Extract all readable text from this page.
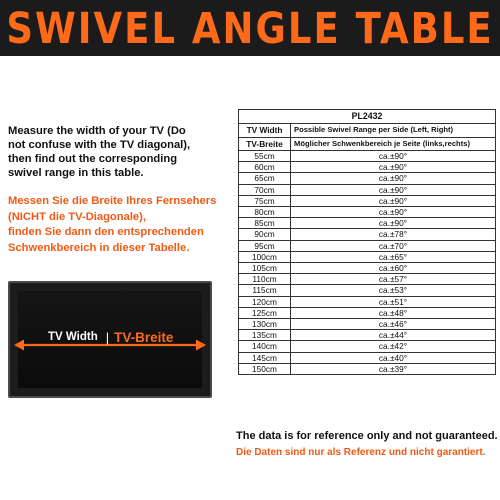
SWIVEL ANGLE TABLE

Measure the width of your TV (Do

not confuse with the TV diagonal),

then find out the corresponding

swivel range in this table.

Messen Sie die Breite Ihres Fernsehers

(NICHT die TV-Diagonale),

finden Sie dann den entsprechenden

Schwenkbereich in dieser Tabelle.

TV Width | TV-Breite
PL2432	
TV Width	Possible Swivel Range per Side (Left, Right)
TV-Breite	Möglicher Schwenkbereich je Seite (links,rechts)
55cm	ca.±90°
60cm	ca.±90°
65cm	ca.±90°
70cm	ca.±90°
75cm	ca.±90°
80cm	ca.±90°
85cm	ca.±90°
90cm	ca.±78°
95cm	ca.±70°
100cm	ca.±65°
105cm	ca.±60°
110cm	ca.±57°
115cm	ca.±53°
120cm	ca.±51°
125cm	ca.±48°
130cm	ca.±46°
135cm	ca.±44°
140cm	ca.±42°
145cm	ca.±40°
150cm	ca.±39°
The data is for reference only and not guaranteed.
Die Daten sind nur als Referenz und nicht garantiert.
